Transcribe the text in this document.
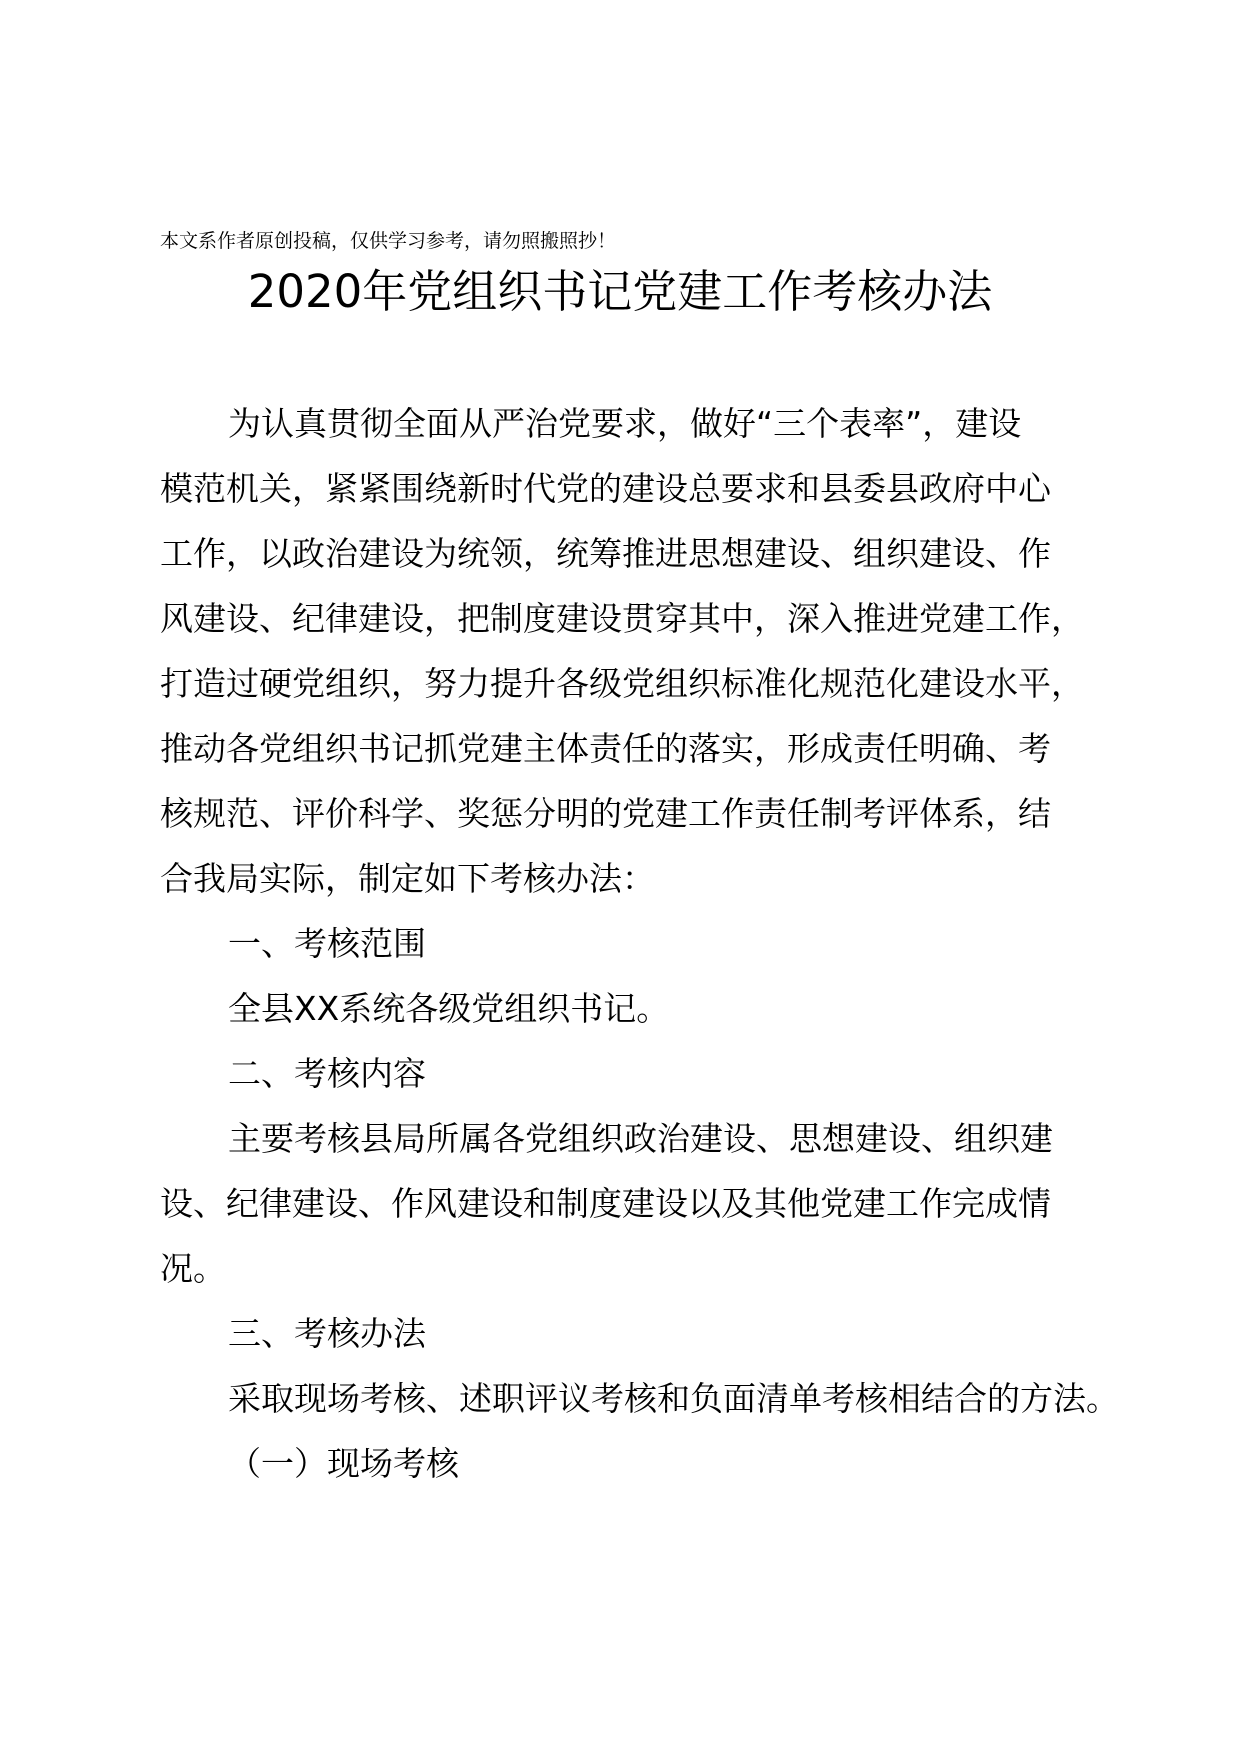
本文系作者原创投稿，仅供学习参考，请勿照搬照抄！
2020年党组织书记党建工作考核办法
为认真贯彻全面从严治党要求，做好“三个表率”，建设
模范机关，紧紧围绕新时代党的建设总要求和县委县政府中心
工作，以政治建设为统领，统筹推进思想建设、组织建设、作
风建设、纪律建设，把制度建设贯穿其中，深入推进党建工作，
打造过硬党组织，努力提升各级党组织标准化规范化建设水平，
推动各党组织书记抓党建主体责任的落实，形成责任明确、考
核规范、评价科学、奖惩分明的党建工作责任制考评体系，结
合我局实际，制定如下考核办法：
一、考核范围
全县XX系统各级党组织书记。
二、考核内容
主要考核县局所属各党组织政治建设、思想建设、组织建
设、纪律建设、作风建设和制度建设以及其他党建工作完成情
况。
三、考核办法
采取现场考核、述职评议考核和负面清单考核相结合的方法。
（一）现场考核
